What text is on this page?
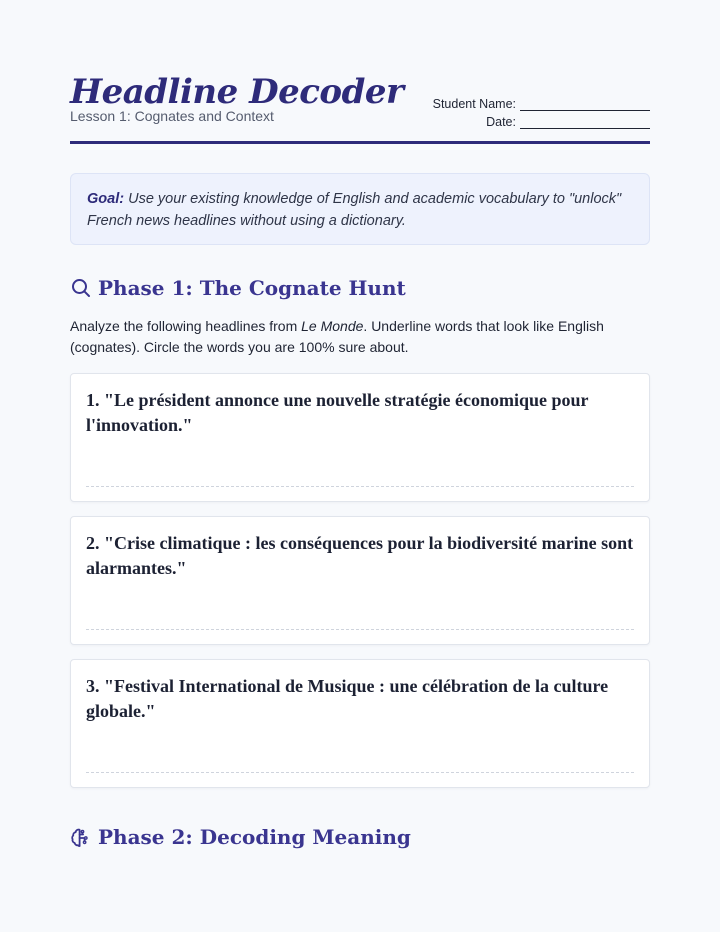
Headline Decoder
Lesson 1: Cognates and Context
Student Name:
Date:
Goal: Use your existing knowledge of English and academic vocabulary to "unlock" French news headlines without using a dictionary.
Phase 1: The Cognate Hunt
Analyze the following headlines from Le Monde. Underline words that look like English (cognates). Circle the words you are 100% sure about.
1. "Le président annonce une nouvelle stratégie économique pour l'innovation."
2. "Crise climatique : les conséquences pour la biodiversité marine sont alarmantes."
3. "Festival International de Musique : une célébration de la culture globale."
Phase 2: Decoding Meaning
